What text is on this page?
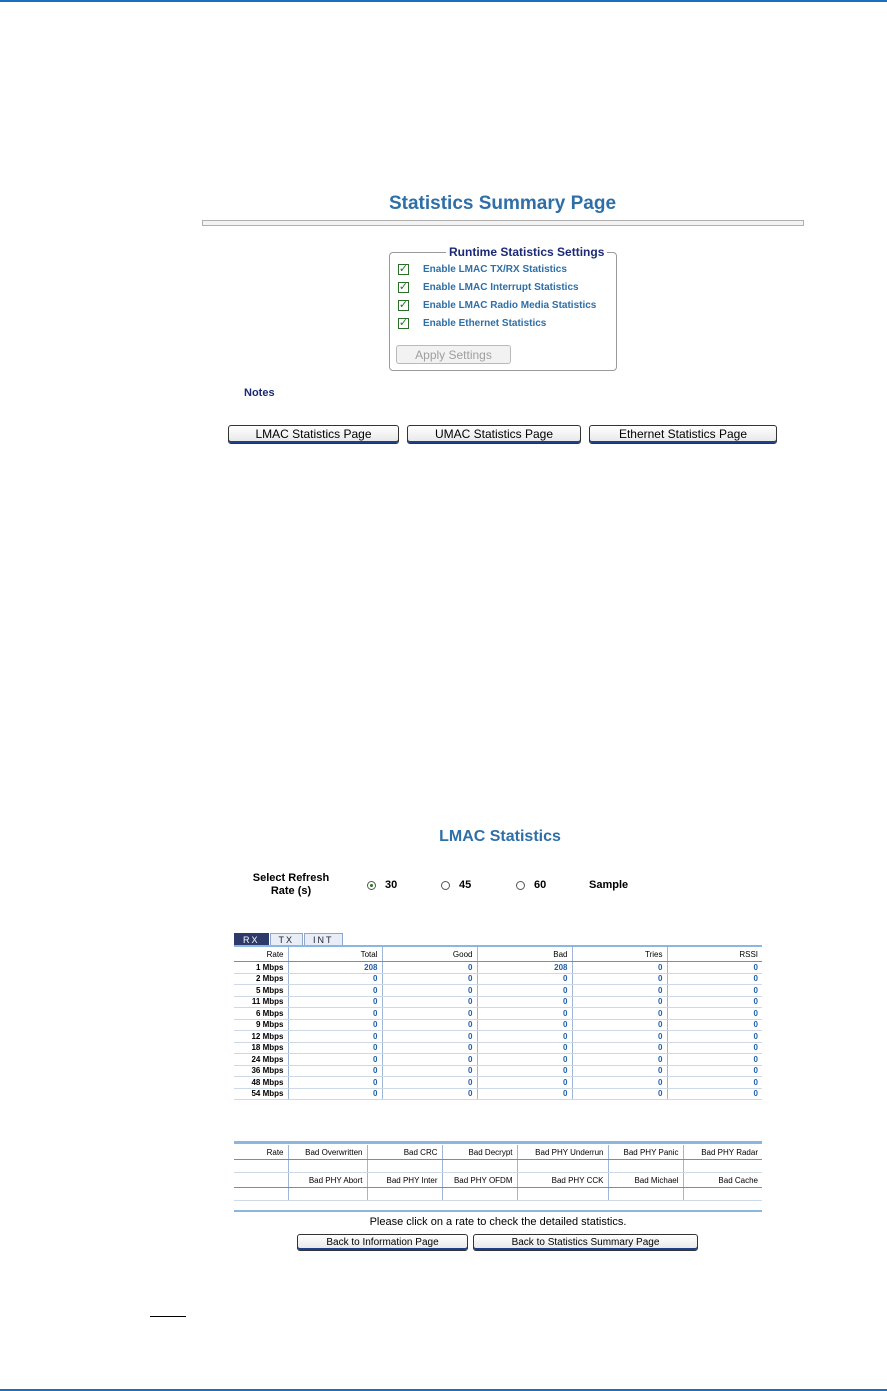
Statistics Summary Page
Runtime Statistics Settings
✓ Enable LMAC TX/RX Statistics
✓ Enable LMAC Interrupt Statistics
✓ Enable LMAC Radio Media Statistics
✓ Enable Ethernet Statistics
Apply Settings
Notes
LMAC Statistics Page	UMAC Statistics Page	Ethernet Statistics Page
LMAC Statistics
Select Refresh Rate (s)	30	45	60	Sample
RX	TX	INT
Rate	Total	Good	Bad	Tries	RSSI
1 Mbps	208	0	208	0	0
2 Mbps	0	0	0	0	0
5 Mbps	0	0	0	0	0
11 Mbps	0	0	0	0	0
6 Mbps	0	0	0	0	0
9 Mbps	0	0	0	0	0
12 Mbps	0	0	0	0	0
18 Mbps	0	0	0	0	0
24 Mbps	0	0	0	0	0
36 Mbps	0	0	0	0	0
48 Mbps	0	0	0	0	0
54 Mbps	0	0	0	0	0
Rate	Bad Overwritten	Bad CRC	Bad Decrypt	Bad PHY Underrun	Bad PHY Panic	Bad PHY Radar

	Bad PHY Abort	Bad PHY Inter	Bad PHY OFDM	Bad PHY CCK	Bad Michael	Bad Cache

Please click on a rate to check the detailed statistics.
Back to Information Page	Back to Statistics Summary Page
